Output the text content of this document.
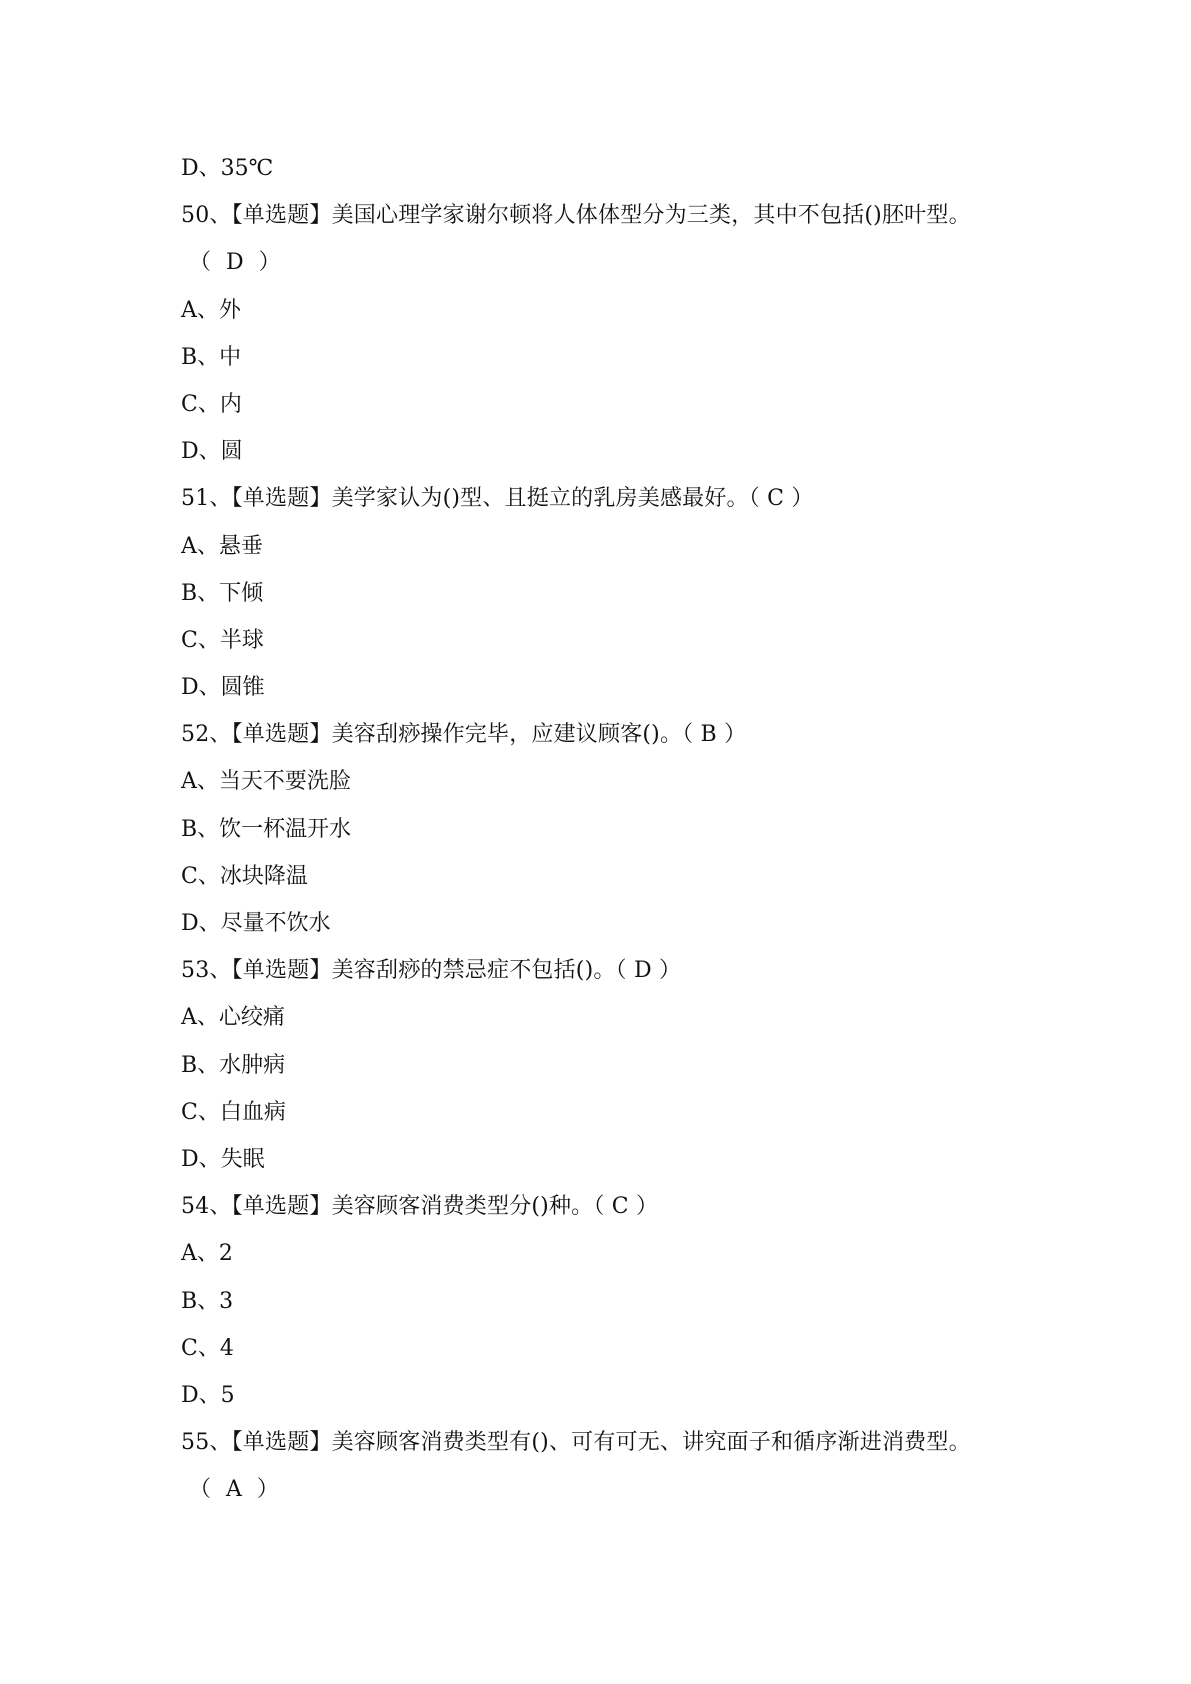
D、35℃
50、【单选题】美国心理学家谢尔顿将人体体型分为三类，其中不包括()胚叶型。
（ D ）
A、外
B、中
C、内
D、圆
51、【单选题】美学家认为()型、且挺立的乳房美感最好。（ C ）
A、悬垂
B、下倾
C、半球
D、圆锥
52、【单选题】美容刮痧操作完毕，应建议顾客()。（ B ）
A、当天不要洗脸
B、饮一杯温开水
C、冰块降温
D、尽量不饮水
53、【单选题】美容刮痧的禁忌症不包括()。（ D ）
A、心绞痛
B、水肿病
C、白血病
D、失眠
54、【单选题】美容顾客消费类型分()种。（ C ）
A、2
B、3
C、4
D、5
55、【单选题】美容顾客消费类型有()、可有可无、讲究面子和循序渐进消费型。
（ A ）
